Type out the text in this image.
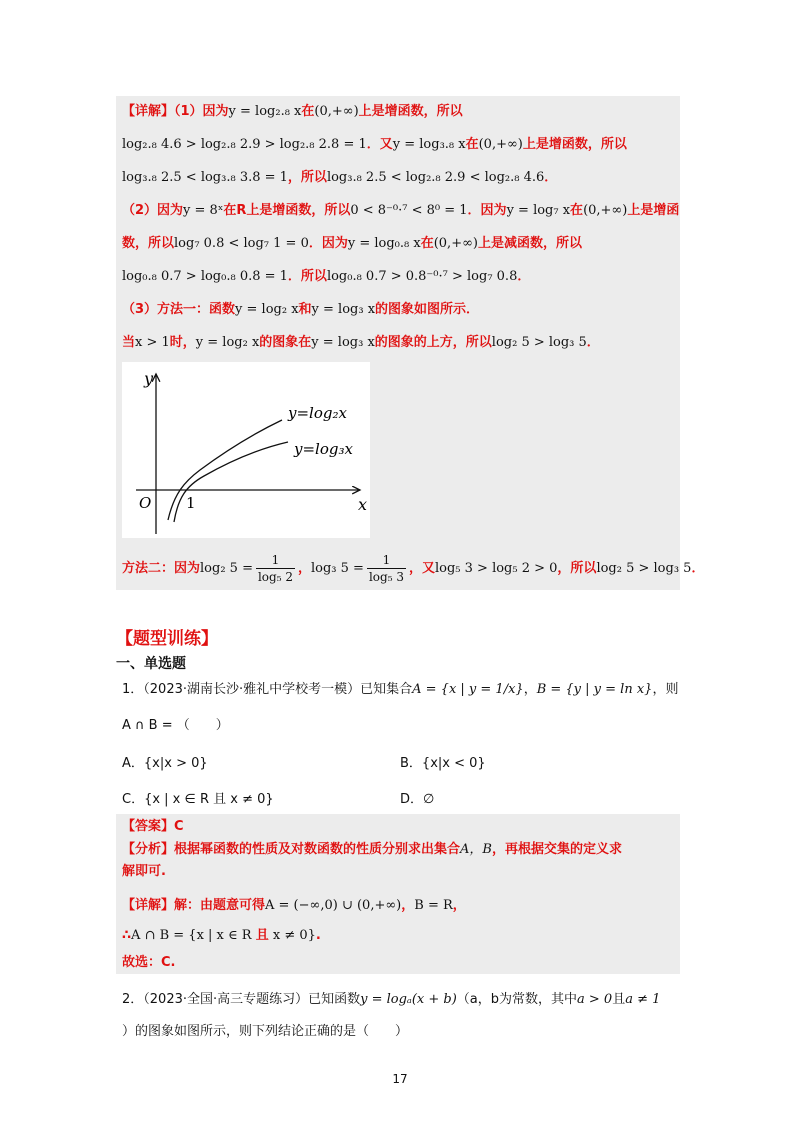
【详解】（1）因为y = log₂.₈ x在(0,+∞)上是增函数，所以
log₂.₈ 4.6 > log₂.₈ 2.9 > log₂.₈ 2.8 = 1．又y = log₃.₈ x在(0,+∞)上是增函数，所以
log₃.₈ 2.5 < log₃.₈ 3.8 = 1，所以log₃.₈ 2.5 < log₂.₈ 2.9 < log₂.₈ 4.6．
（2）因为y = 8ˣ在R上是增函数，所以0 < 8⁻⁰·⁷ < 8⁰ = 1．因为y = log₇ x在(0,+∞)上是增函
数，所以log₇ 0.8 < log₇ 1 = 0．因为y = log₀.₈ x在(0,+∞)上是减函数，所以
log₀.₈ 0.7 > log₀.₈ 0.8 = 1．所以log₀.₈ 0.7 > 0.8⁻⁰·⁷ > log₇ 0.8．
（3）方法一：函数y = log₂ x和y = log₃ x的图象如图所示．
当x > 1时，y = log₂ x的图象在y = log₃ x的图象的上方，所以log₂ 5 > log₃ 5．
y
x
O 1
y=log₂x
y=log₃x
方法二：因为 log₂ $5 = \frac{1}{\text{log₅ 2}}$ ， log₃ $5 = \frac{1}{\text{log₅ 3}}$ ，又 log₅ 3 > log₅ 2 > 0 ，所以 log₂ 5 > log₃ 5 ．
【题型训练】
一、单选题
1．（2023·湖南长沙·雅礼中学校考一模）已知集合A = {x | y = 1/x}，B = {y | y = ln x}，则
A ∩ B = （　　）
A．{x|x > 0}	B．{x|x < 0}
C．{x | x ∈ R 且 x ≠ 0}	D．∅
【答案】C
【分析】根据幂函数的性质及对数函数的性质分别求出集合A，B，再根据交集的定义求
解即可.
【详解】解：由题意可得A = (−∞,0) ∪ (0,+∞)，B = R，
∴A ∩ B = {x | x ∈ R 且 x ≠ 0}.
故选：C.
2．（2023·全国·高三专题练习）已知函数y = logₐ(x + b)（a，b为常数，其中a > 0且a ≠ 1
）的图象如图所示，则下列结论正确的是（　　）
17
